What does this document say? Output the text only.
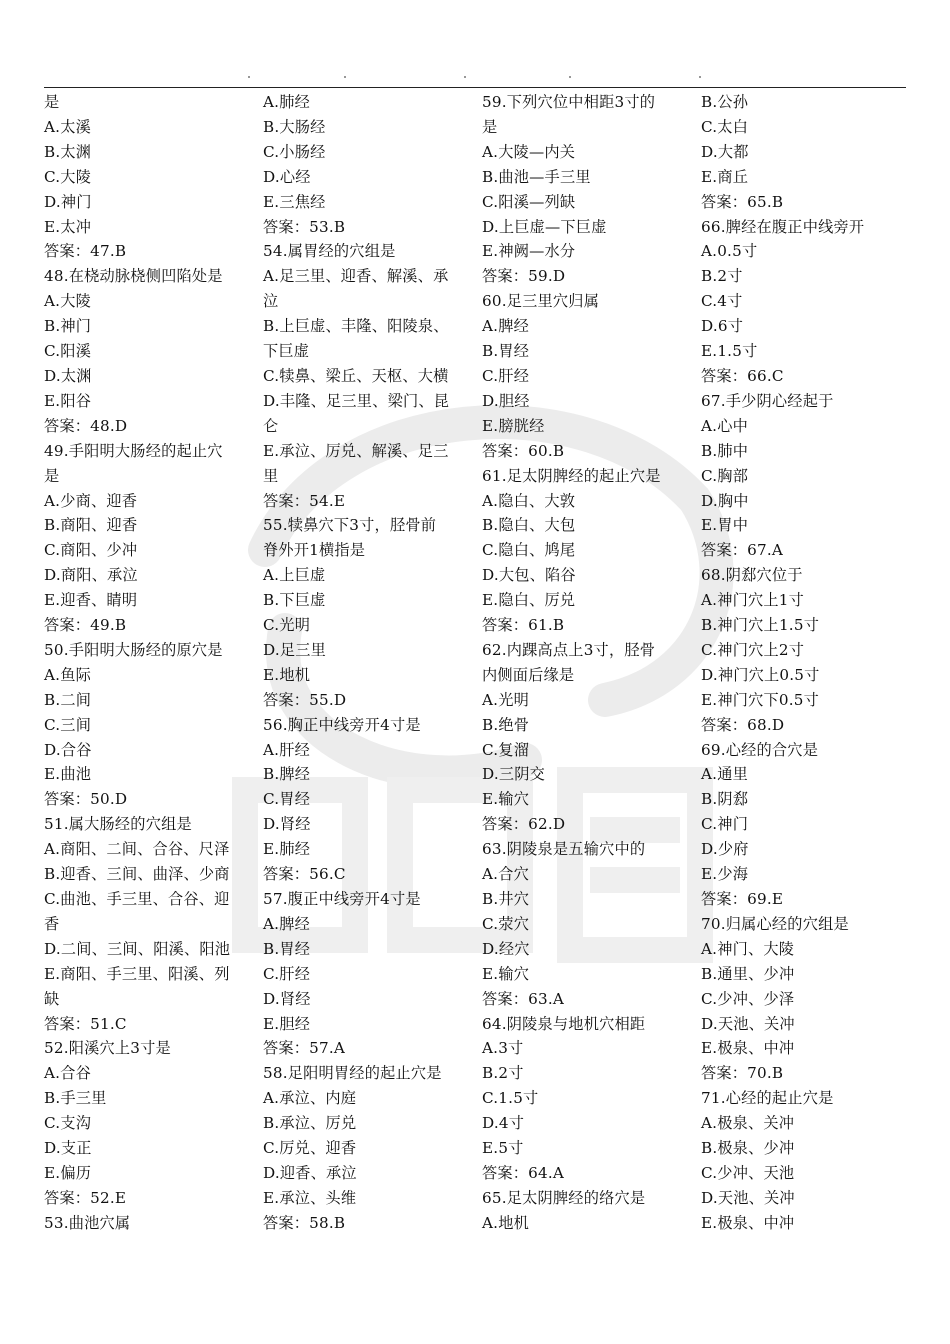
是
A.太溪
B.太渊
C.大陵
D.神门
E.太冲
答案：47.B
48.在桡动脉桡侧凹陷处是
A.大陵
B.神门
C.阳溪
D.太渊
E.阳谷
答案：48.D
49.手阳明大肠经的起止穴
是
A.少商、迎香
B.商阳、迎香
C.商阳、少冲
D.商阳、承泣
E.迎香、睛明
答案：49.B
50.手阳明大肠经的原穴是
A.鱼际
B.二间
C.三间
D.合谷
E.曲池
答案：50.D
51.属大肠经的穴组是
A.商阳、二间、合谷、尺泽
B.迎香、三间、曲泽、少商
C.曲池、手三里、合谷、迎
香
D.二间、三间、阳溪、阳池
E.商阳、手三里、阳溪、列
缺
答案：51.C
52.阳溪穴上3寸是
A.合谷
B.手三里
C.支沟
D.支正
E.偏历
答案：52.E
53.曲池穴属
A.肺经
B.大肠经
C.小肠经
D.心经
E.三焦经
答案：53.B
54.属胃经的穴组是
A.足三里、迎香、解溪、承
泣
B.上巨虚、丰隆、阳陵泉、
下巨虚
C.犊鼻、梁丘、天枢、大横
D.丰隆、足三里、梁门、昆
仑
E.承泣、厉兑、解溪、足三
里
答案：54.E
55.犊鼻穴下3寸，胫骨前
脊外开1横指是
A.上巨虚
B.下巨虚
C.光明
D.足三里
E.地机
答案：55.D
56.胸正中线旁开4寸是
A.肝经
B.脾经
C.胃经
D.肾经
E.肺经
答案：56.C
57.腹正中线旁开4寸是
A.脾经
B.胃经
C.肝经
D.肾经
E.胆经
答案：57.A
58.足阳明胃经的起止穴是
A.承泣、内庭
B.承泣、厉兑
C.厉兑、迎香
D.迎香、承泣
E.承泣、头维
答案：58.B
59.下列穴位中相距3寸的
是
A.大陵—内关
B.曲池—手三里
C.阳溪—列缺
D.上巨虚—下巨虚
E.神阙—水分
答案：59.D
60.足三里穴归属
A.脾经
B.胃经
C.肝经
D.胆经
E.膀胱经
答案：60.B
61.足太阴脾经的起止穴是
A.隐白、大敦
B.隐白、大包
C.隐白、鸠尾
D.大包、陷谷
E.隐白、厉兑
答案：61.B
62.内踝高点上3寸，胫骨
内侧面后缘是
A.光明
B.绝骨
C.复溜
D.三阴交
E.输穴
答案：62.D
63.阴陵泉是五输穴中的
A.合穴
B.井穴
C.荥穴
D.经穴
E.输穴
答案：63.A
64.阴陵泉与地机穴相距
A.3寸
B.2寸
C.1.5寸
D.4寸
E.5寸
答案：64.A
65.足太阴脾经的络穴是
A.地机
B.公孙
C.太白
D.大都
E.商丘
答案：65.B
66.脾经在腹正中线旁开
A.0.5寸
B.2寸
C.4寸
D.6寸
E.1.5寸
答案：66.C
67.手少阴心经起于
A.心中
B.肺中
C.胸部
D.胸中
E.胃中
答案：67.A
68.阴郄穴位于
A.神门穴上1寸
B.神门穴上1.5寸
C.神门穴上2寸
D.神门穴上0.5寸
E.神门穴下0.5寸
答案：68.D
69.心经的合穴是
A.通里
B.阴郄
C.神门
D.少府
E.少海
答案：69.E
70.归属心经的穴组是
A.神门、大陵
B.通里、少冲
C.少冲、少泽
D.天池、关冲
E.极泉、中冲
答案：70.B
71.心经的起止穴是
A.极泉、关冲
B.极泉、少冲
C.少冲、天池
D.天池、关冲
E.极泉、中冲
